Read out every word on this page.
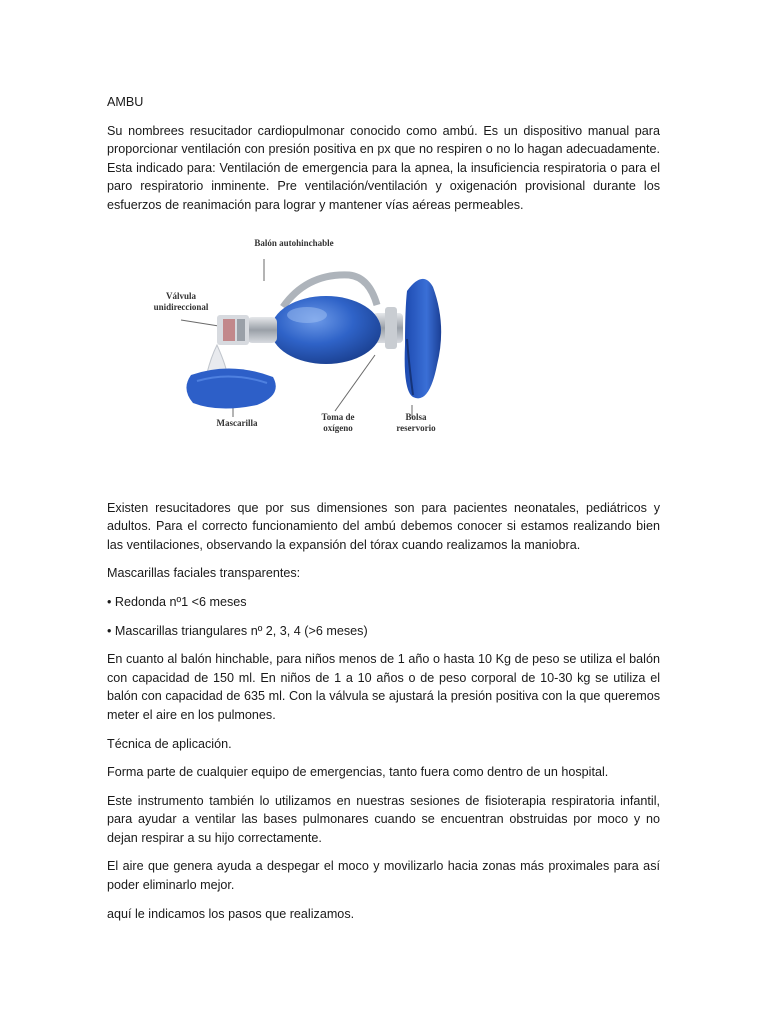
AMBU

Su nombrees resucitador cardiopulmonar conocido como ambú. Es un dispositivo manual para proporcionar ventilación con presión positiva en px que no respiren o no lo hagan adecuadamente. Esta indicado para: Ventilación de emergencia para la apnea, la insuficiencia respiratoria o para el paro respiratorio inminente. Pre ventilación/ventilación y oxigenación provisional durante los esfuerzos de reanimación para lograr y mantener vías aéreas permeables.

Balón autohinchable
Válvula
unidireccional
Mascarilla
Toma de
oxígeno
Bolsa
reservorio

Existen resucitadores que por sus dimensiones son para pacientes neonatales, pediátricos y adultos. Para el correcto funcionamiento del ambú debemos conocer si estamos realizando bien las ventilaciones, observando la expansión del tórax cuando realizamos la maniobra.

Mascarillas faciales transparentes:

• Redonda nº1 <6 meses

• Mascarillas triangulares nº 2, 3, 4 (>6 meses)

En cuanto al balón hinchable, para niños menos de 1 año o hasta 10 Kg de peso se utiliza el balón con capacidad de 150 ml. En niños de 1 a 10 años o de peso corporal de 10-30 kg se utiliza el balón con capacidad de 635 ml. Con la válvula se ajustará la presión positiva con la que queremos meter el aire en los pulmones.

Técnica de aplicación.

Forma parte de cualquier equipo de emergencias, tanto fuera como dentro de un hospital.

Este instrumento también lo utilizamos en nuestras sesiones de fisioterapia respiratoria infantil, para ayudar a ventilar las bases pulmonares cuando se encuentran obstruidas por moco y no dejan respirar a su hijo correctamente.

El aire que genera ayuda a despegar el moco y movilizarlo hacia zonas más proximales para así poder eliminarlo mejor.

aquí le indicamos los pasos que realizamos.
